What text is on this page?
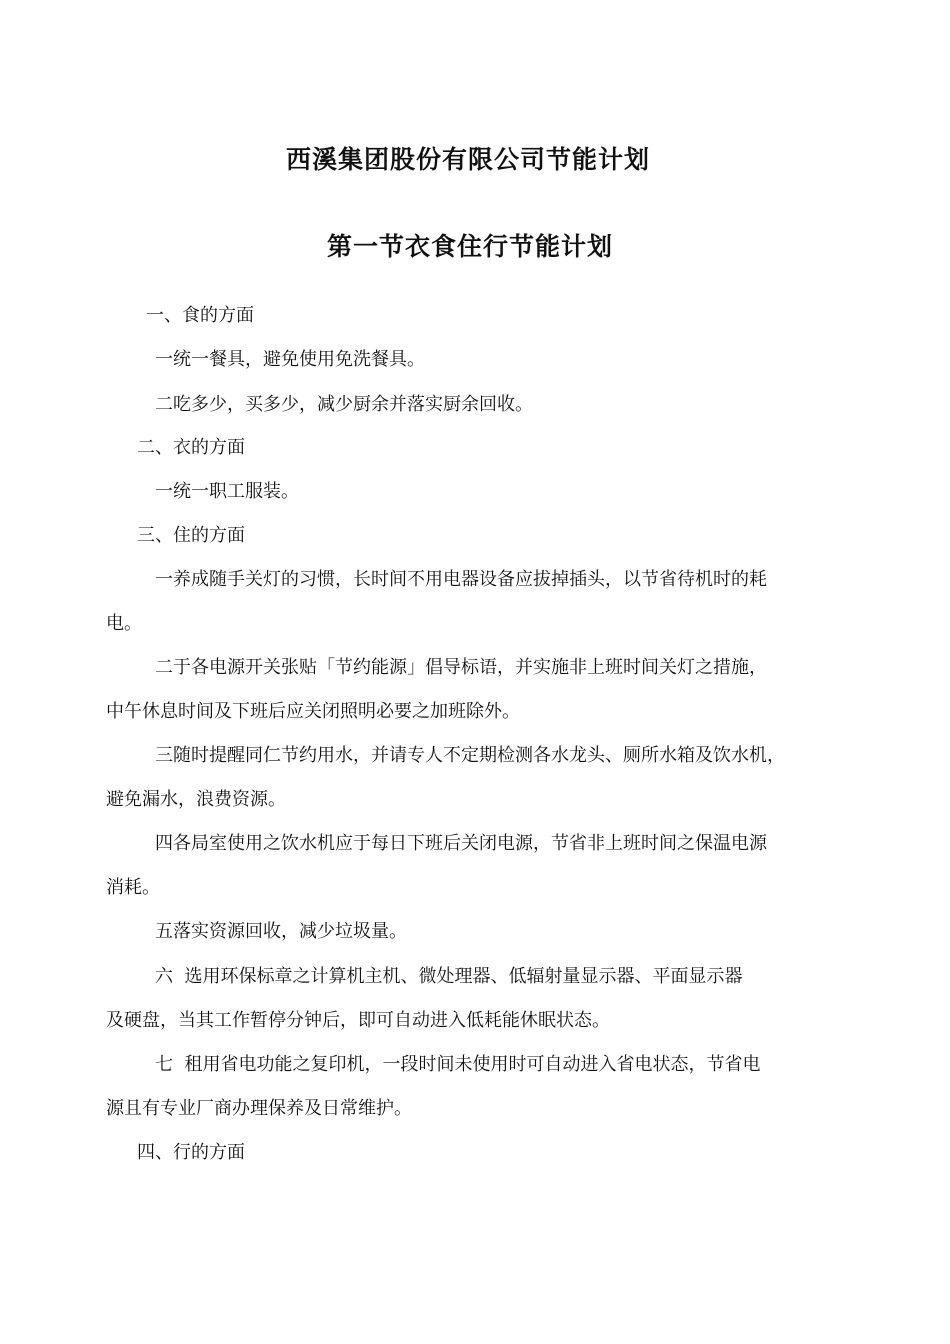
西溪集团股份有限公司节能计划
第一节衣食住行节能计划

一、食的方面

一统一餐具，避免使用免洗餐具。

二吃多少，买多少，减少厨余并落实厨余回收。

二、衣的方面

一统一职工服装。

三、住的方面

一养成随手关灯的习惯，长时间不用电器设备应拔掉插头，以节省待机时的耗

电。

二于各电源开关张贴「节约能源」倡导标语，并实施非上班时间关灯之措施，

中午休息时间及下班后应关闭照明必要之加班除外。

三随时提醒同仁节约用水，并请专人不定期检测各水龙头、厕所水箱及饮水机，

避免漏水，浪费资源。

四各局室使用之饮水机应于每日下班后关闭电源，节省非上班时间之保温电源

消耗。

五落实资源回收，减少垃圾量。

六  选用环保标章之计算机主机、微处理器、低辐射量显示器、平面显示器

及硬盘，当其工作暂停分钟后，即可自动进入低耗能休眠状态。

七  租用省电功能之复印机，一段时间未使用时可自动进入省电状态，节省电

源且有专业厂商办理保养及日常维护。

四、行的方面
